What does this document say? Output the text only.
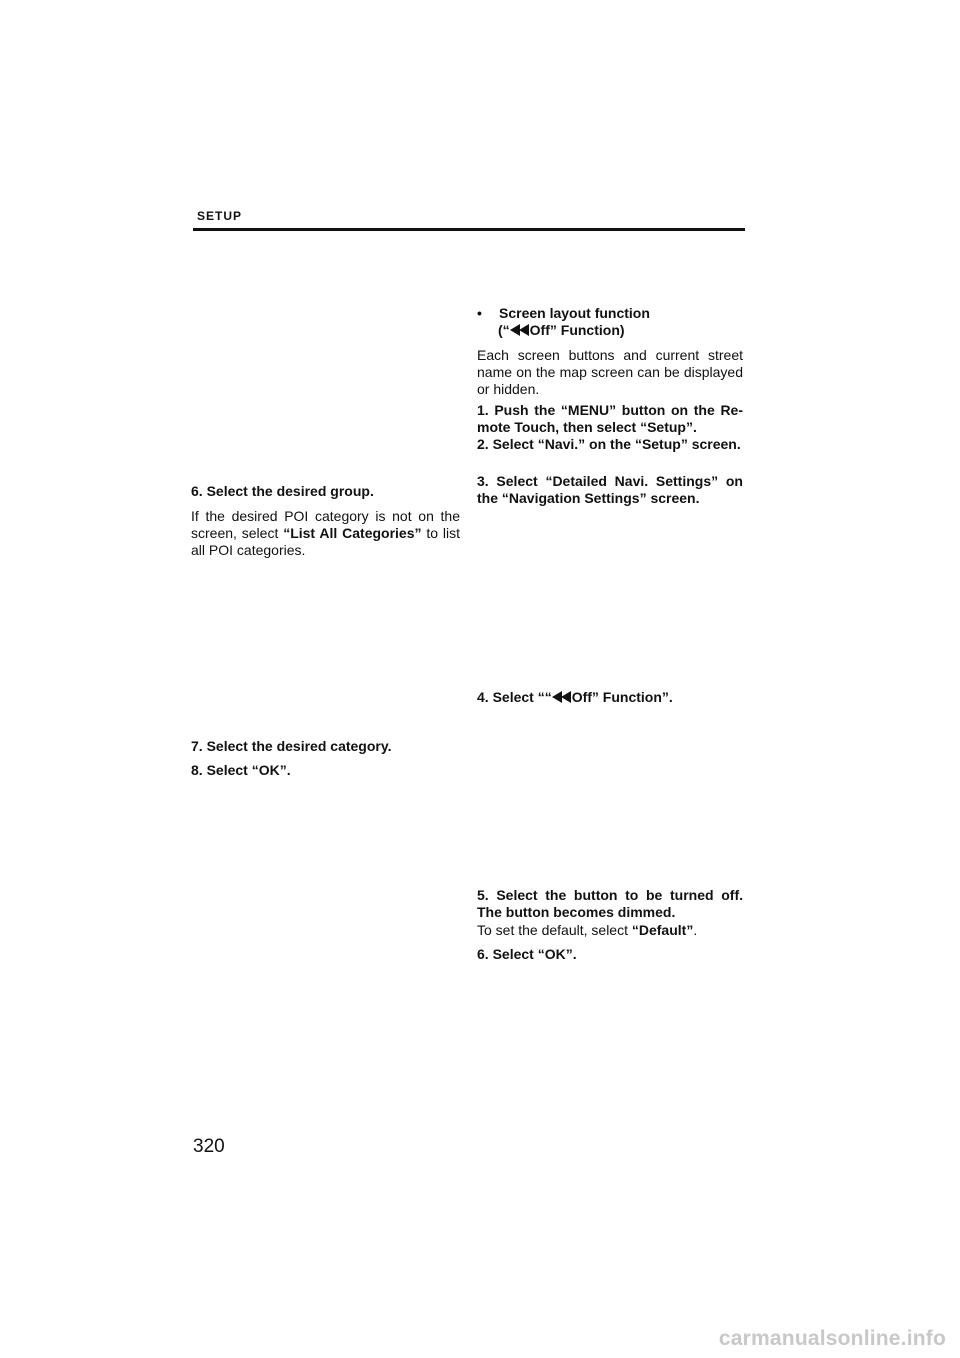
SETUP
6. Select the desired group.
If the desired POI category is not on the screen, select “List All Categories” to list all POI categories.
7. Select the desired category.
8. Select “OK”.
• Screen layout function
(“ Off” Function)
Each screen buttons and current street name on the map screen can be displayed or hidden.
1. Push the “MENU” button on the Re-mote Touch, then select “Setup”.
2. Select “Navi.” on the “Setup” screen.
3. Select “Detailed Navi. Settings” on the “Navigation Settings” screen.
4. Select ““ Off” Function”.
5. Select the button to be turned off. The button becomes dimmed.
To set the default, select “Default”.
6. Select “OK”.
320
carmanualsonline.info
